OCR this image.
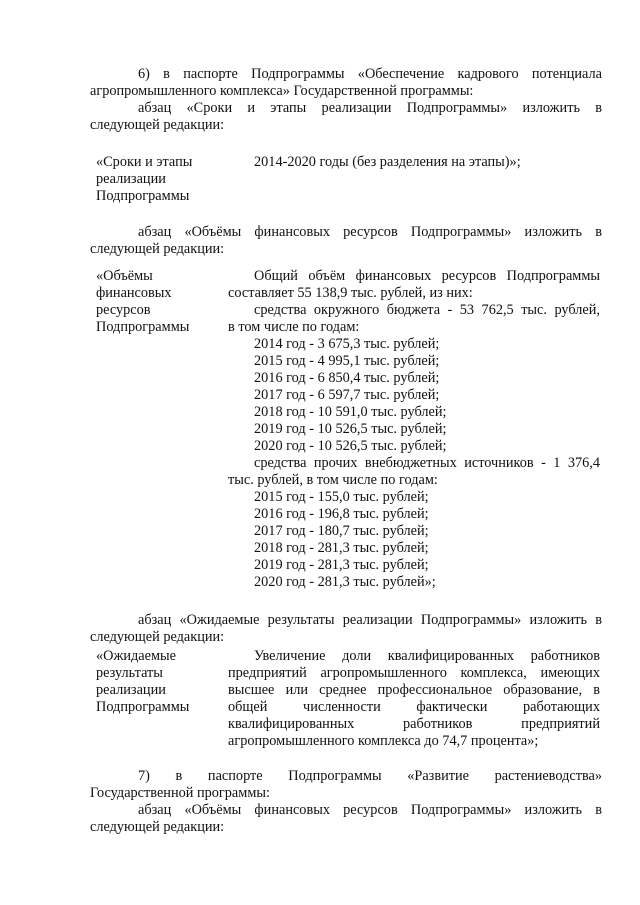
6) в паспорте Подпрограммы «Обеспечение кадрового потенциала
агропромышленного комплекса» Государственной программы:
абзац «Сроки и этапы реализации Подпрограммы» изложить в
следующей редакции:
«Сроки и этапы
реализации
Подпрограммы
2014-2020 годы (без разделения на этапы)»;
абзац «Объёмы финансовых ресурсов Подпрограммы» изложить в
следующей редакции:
«Объёмы
финансовых
ресурсов
Подпрограммы
Общий объём финансовых ресурсов Подпрограммы
составляет 55 138,9 тыс. рублей, из них:
средства окружного бюджета - 53 762,5 тыс. рублей,
в том числе по годам:
2014 год - 3 675,3 тыс. рублей;
2015 год - 4 995,1 тыс. рублей;
2016 год - 6 850,4 тыс. рублей;
2017 год - 6 597,7 тыс. рублей;
2018 год - 10 591,0 тыс. рублей;
2019 год - 10 526,5 тыс. рублей;
2020 год - 10 526,5 тыс. рублей;
средства прочих внебюджетных источников - 1 376,4
тыс. рублей, в том числе по годам:
2015 год - 155,0 тыс. рублей;
2016 год - 196,8 тыс. рублей;
2017 год - 180,7 тыс. рублей;
2018 год - 281,3 тыс. рублей;
2019 год - 281,3 тыс. рублей;
2020 год - 281,3 тыс. рублей»;
абзац «Ожидаемые результаты реализации Подпрограммы» изложить в
следующей редакции:
«Ожидаемые
результаты
реализации
Подпрограммы
Увеличение доли квалифицированных работников
предприятий агропромышленного комплекса, имеющих
высшее или среднее профессиональное образование, в
общей численности фактически работающих
квалифицированных работников предприятий
агропромышленного комплекса до 74,7 процента»;
7) в паспорте Подпрограммы «Развитие растениеводства»
Государственной программы:
абзац «Объёмы финансовых ресурсов Подпрограммы» изложить в
следующей редакции:
